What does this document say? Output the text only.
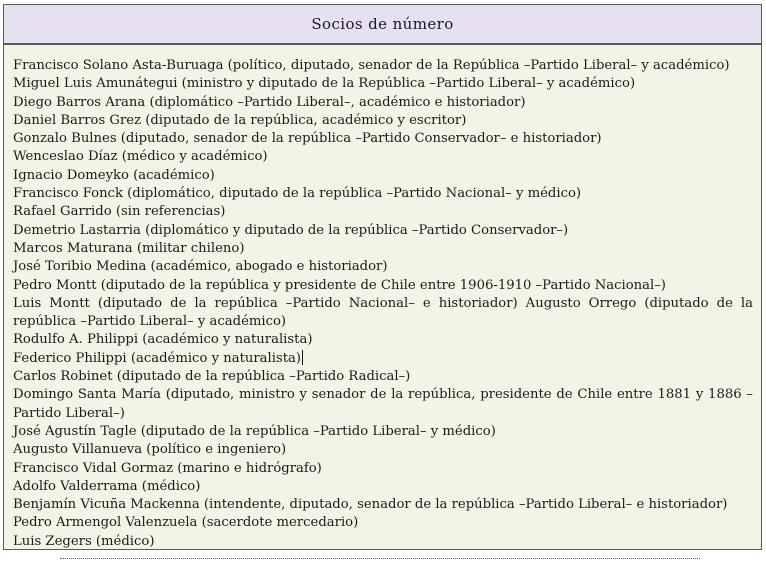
Socios de número
Francisco Solano Asta-Buruaga (político, diputado, senador de la República –Partido Liberal– y académico)
Miguel Luis Amunátegui (ministro y diputado de la República –Partido Liberal– y académico)
Diego Barros Arana (diplomático –Partido Liberal–, académico e historiador)
Daniel Barros Grez (diputado de la república, académico y escritor)
Gonzalo Bulnes (diputado, senador de la república –Partido Conservador– e historiador)
Wenceslao Díaz (médico y académico)
Ignacio Domeyko (académico)
Francisco Fonck (diplomático, diputado de la república –Partido Nacional– y médico)
Rafael Garrido (sin referencias)
Demetrio Lastarria (diplomático y diputado de la república –Partido Conservador–)
Marcos Maturana (militar chileno)
José Toribio Medina (académico, abogado e historiador)
Pedro Montt (diputado de la república y presidente de Chile entre 1906-1910 –Partido Nacional–)
Luis Montt (diputado de la república –Partido Nacional– e historiador) Augusto Orrego (diputado de la república –Partido Liberal– y académico)
Rodulfo A. Philippi (académico y naturalista)
Federico Philippi (académico y naturalista)
Carlos Robinet (diputado de la república –Partido Radical–)
Domingo Santa María (diputado, ministro y senador de la república, presidente de Chile entre 1881 y 1886 –Partido Liberal–)
José Agustín Tagle (diputado de la república –Partido Liberal– y médico)
Augusto Villanueva (político e ingeniero)
Francisco Vidal Gormaz (marino e hidrógrafo)
Adolfo Valderrama (médico)
Benjamín Vicuña Mackenna (intendente, diputado, senador de la república –Partido Liberal– e historiador)
Pedro Armengol Valenzuela (sacerdote mercedario)
Luis Zegers (médico)
